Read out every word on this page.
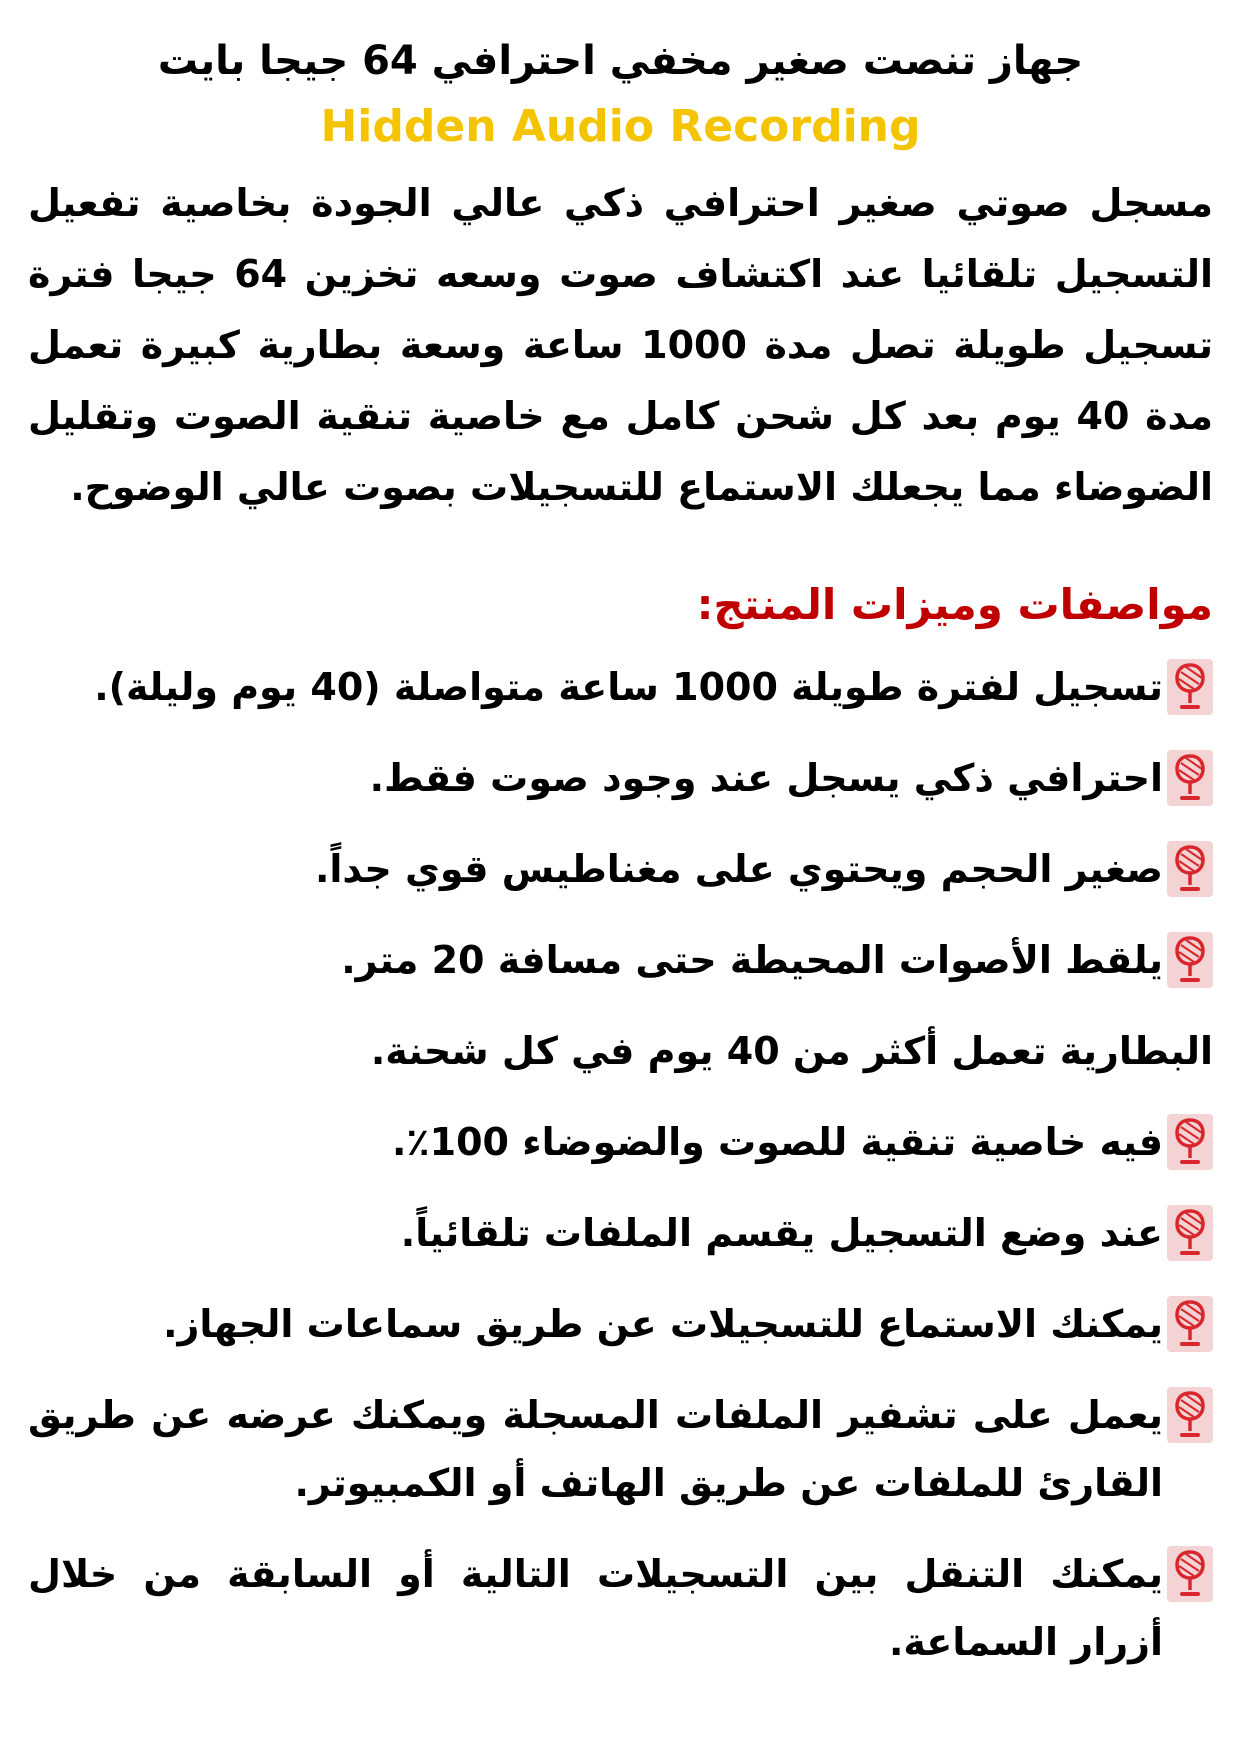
جهاز تنصت صغير مخفي احترافي 64 جيجا بايت
Hidden Audio Recording

مسجل صوتي صغير احترافي ذكي عالي الجودة بخاصية تفعيل التسجيل تلقائيا عند اكتشاف صوت وسعه تخزين 64 جيجا فترة تسجيل طويلة تصل مدة 1000 ساعة وسعة بطارية كبيرة تعمل مدة 40 يوم بعد كل شحن كامل مع خاصية تنقية الصوت وتقليل الضوضاء مما يجعلك الاستماع للتسجيلات بصوت عالي الوضوح.

مواصفات وميزات المنتج:
تسجيل لفترة طويلة 1000 ساعة متواصلة (40 يوم وليلة).
احترافي ذكي يسجل عند وجود صوت فقط.
صغير الحجم ويحتوي على مغناطيس قوي جداً.
يلقط الأصوات المحيطة حتى مسافة 20 متر.
البطارية تعمل أكثر من 40 يوم في كل شحنة.
فيه خاصية تنقية للصوت والضوضاء 100٪.
عند وضع التسجيل يقسم الملفات تلقائياً.
يمكنك الاستماع للتسجيلات عن طريق سماعات الجهاز.
يعمل على تشفير الملفات المسجلة ويمكنك عرضه عن طريق القارئ للملفات عن طريق الهاتف أو الكمبيوتر.
يمكنك التنقل بين التسجيلات التالية أو السابقة من خلال أزرار السماعة.
